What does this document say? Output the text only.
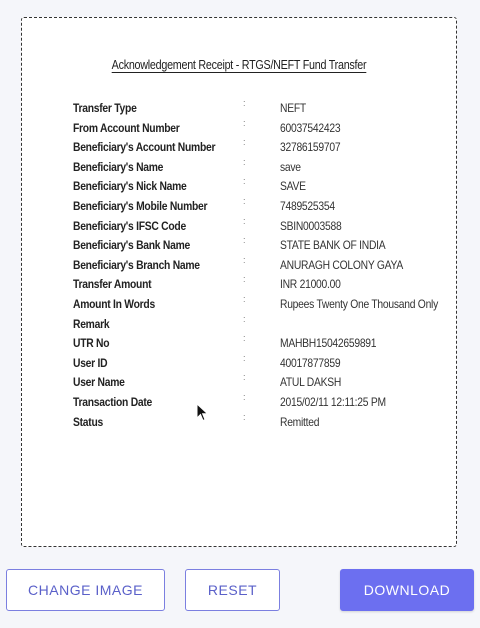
Acknowledgement Receipt - RTGS/NEFT Fund Transfer
Transfer Type	:	NEFT
From Account Number	:	60037542423
Beneficiary's Account Number	:	32786159707
Beneficiary's Name	:	save
Beneficiary's Nick Name	:	SAVE
Beneficiary's Mobile Number	:	7489525354
Beneficiary's IFSC Code	:	SBIN0003588
Beneficiary's Bank Name	:	STATE BANK OF INDIA
Beneficiary's Branch Name	:	ANURAGH COLONY GAYA
Transfer Amount	:	INR 21000.00
Amount In Words	:	Rupees Twenty One Thousand Only
Remark	:
UTR No	:	MAHBH15042659891
User ID	:	40017877859
User Name	:	ATUL DAKSH
Transaction Date	:	2015/02/11 12:11:25 PM
Status	:	Remitted
CHANGE IMAGE	RESET	DOWNLOAD
